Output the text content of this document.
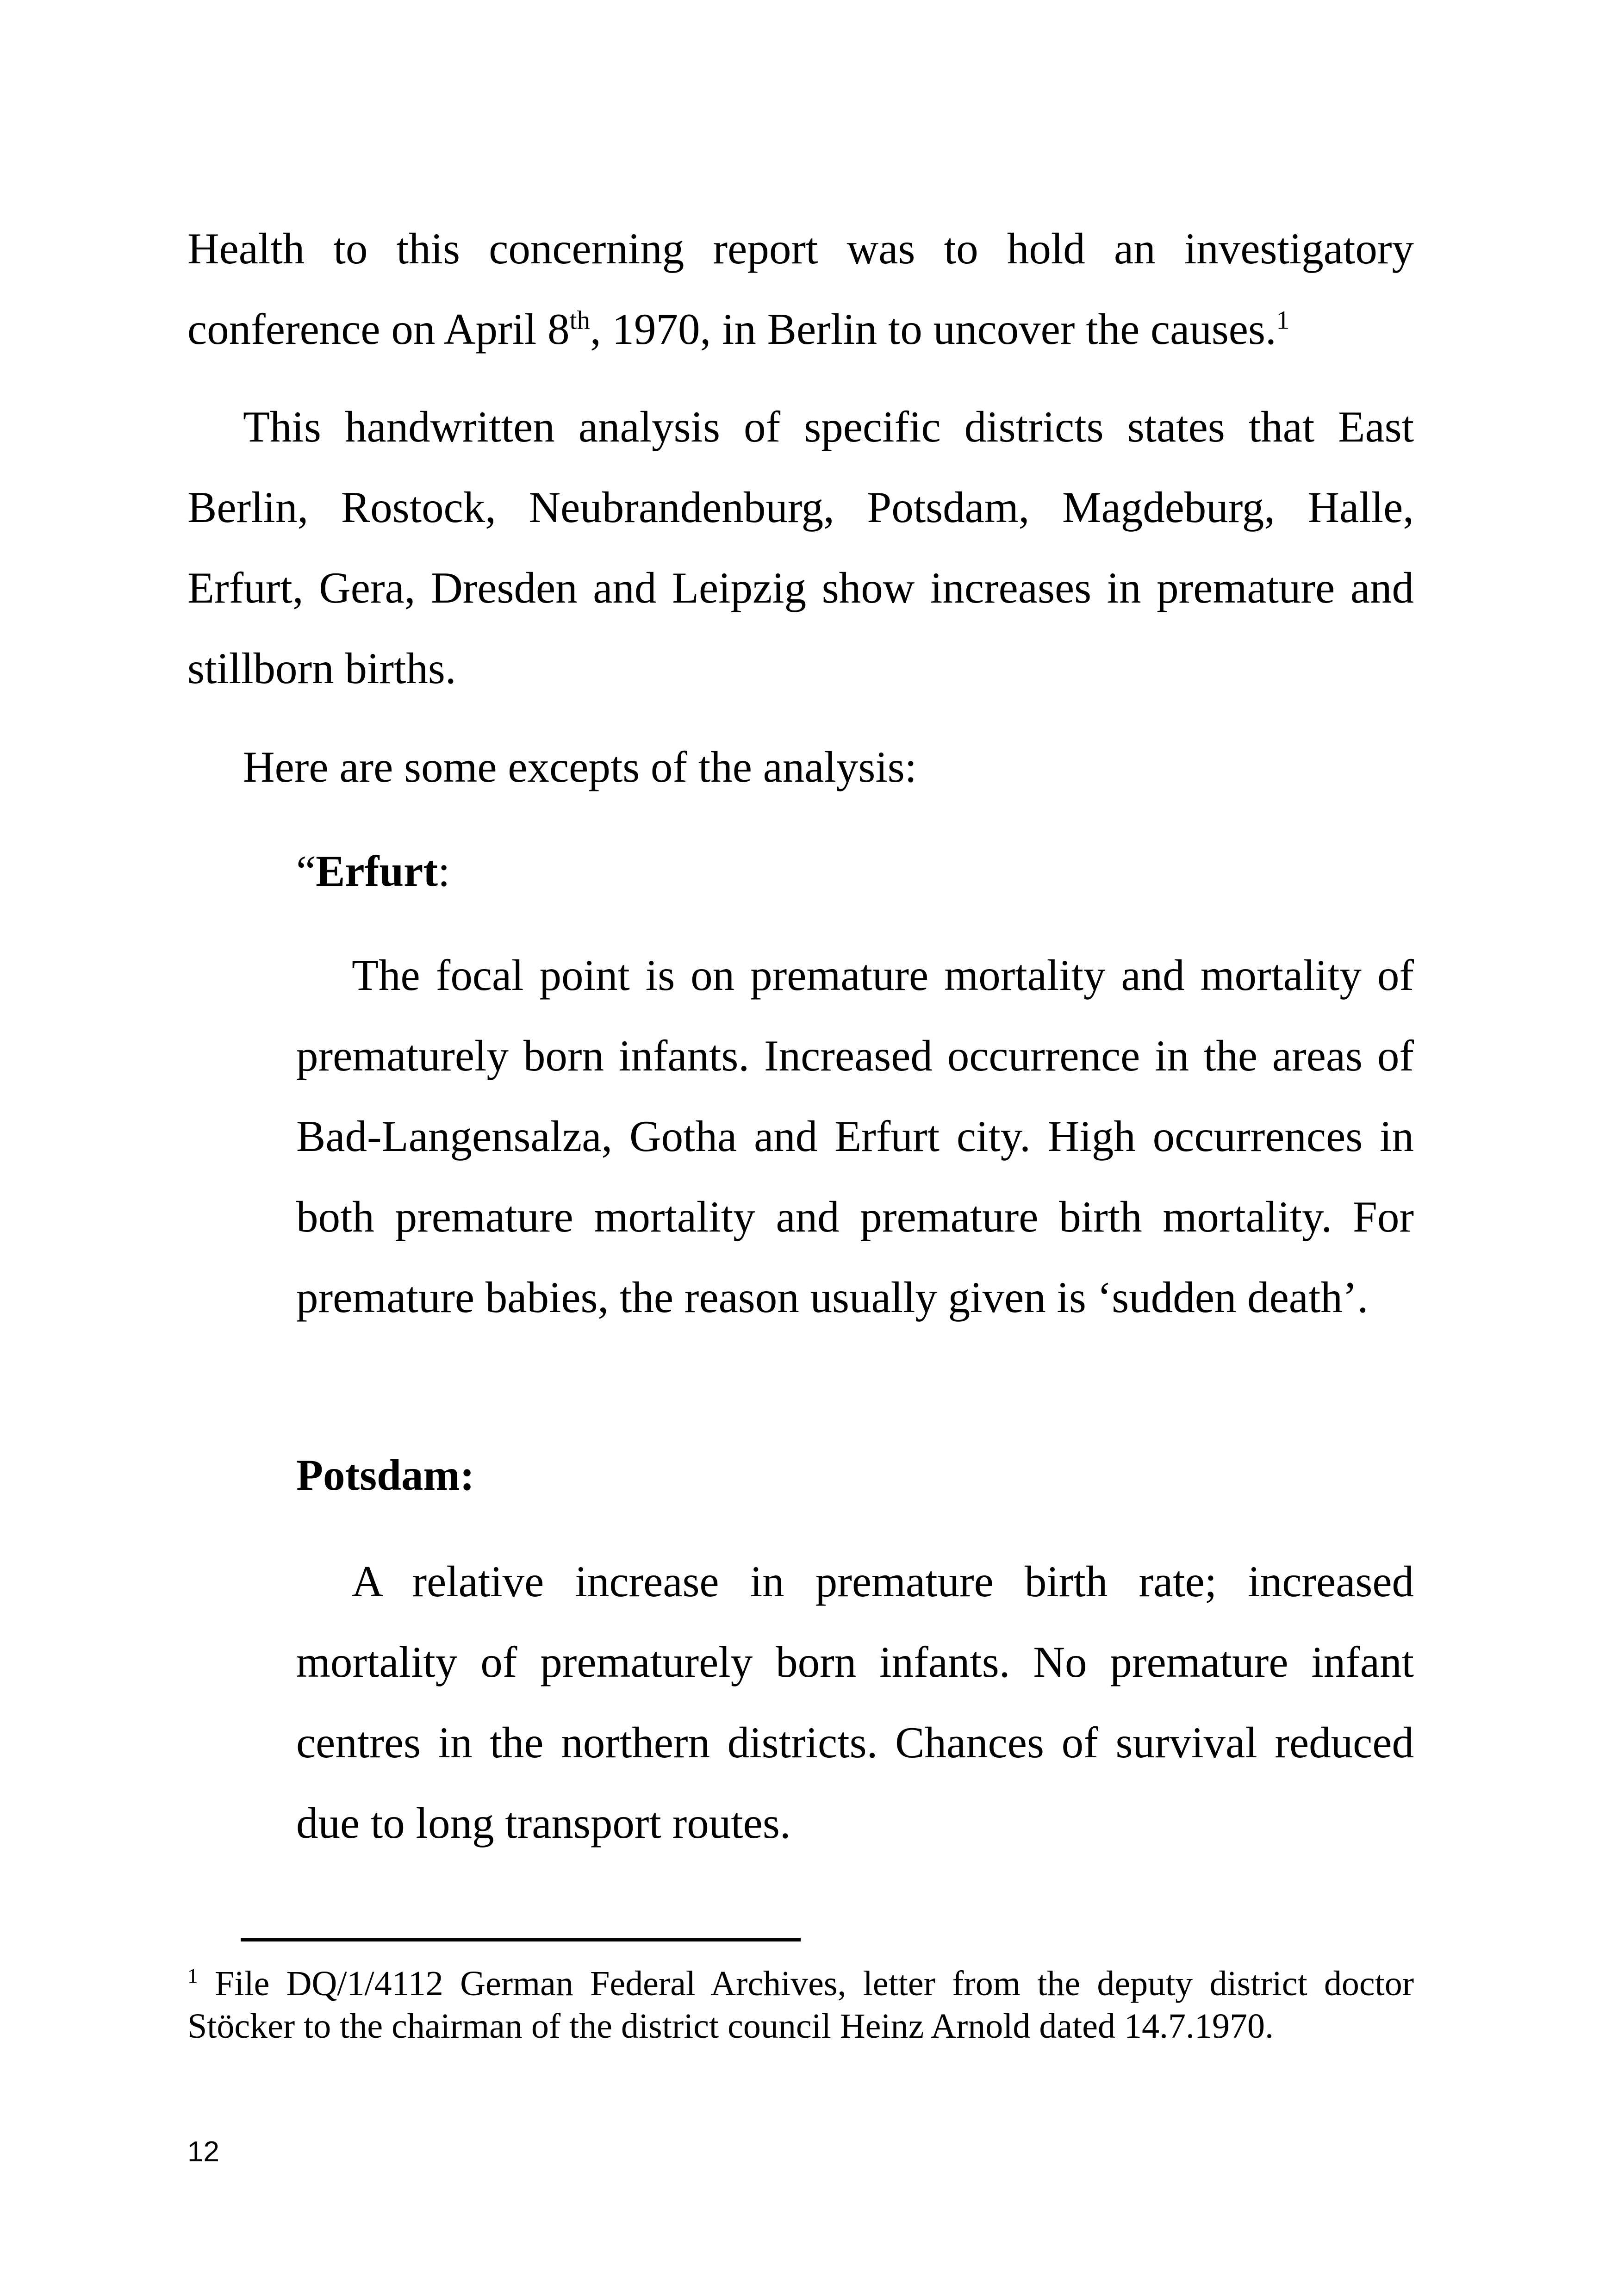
Health to this concerning report was to hold an investigatory conference on April 8th, 1970, in Berlin to uncover the causes.$^1$

This handwritten analysis of specific districts states that East Berlin, Rostock, Neubrandenburg, Potsdam, Magdeburg, Halle, Erfurt, Gera, Dresden and Leipzig show increases in premature and stillborn births.

Here are some excepts of the analysis:

“Erfurt:

The focal point is on premature mortality and mortality of prematurely born infants. Increased occurrence in the areas of Bad-Langensalza, Gotha and Erfurt city. High occurrences in both premature mortality and premature birth mortality. For premature babies, the reason usually given is ‘sudden death’.

Potsdam:

A relative increase in premature birth rate; increased mortality of prematurely born infants. No premature infant centres in the northern districts. Chances of survival reduced due to long transport routes.

$^1$ File DQ/1/4112 German Federal Archives, letter from the deputy district doctor Stöcker to the chairman of the district council Heinz Arnold dated 14.7.1970.
12
